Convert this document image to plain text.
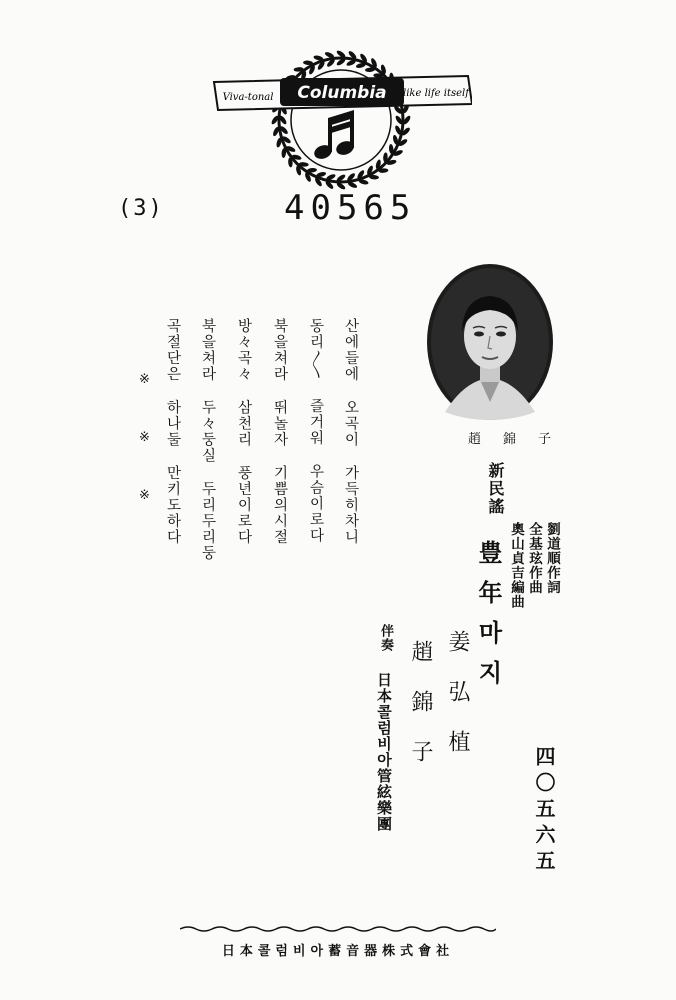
Columbia
Viva-tonal	like life itself
(3)	40565
趙錦子
산에들에 오곡이 가득히차니
동리〳〵 즐거워 우슴이로다
북을쳐라 뛰놀자 기쁨의시절
방々곡々 삼천리 풍년이로다
북을쳐라 두々둥실 두리두리둥
곡절단은 하나둘 만키도하다
※
※
※	新民謠
豊年마지	劉道順作詞
全基玹作曲
奧山貞吉編曲
四〇五六五
姜弘植
趙錦子
伴奏
日本콜럼비아管絃樂團
日本콜럼비아蓄音器株式會社
